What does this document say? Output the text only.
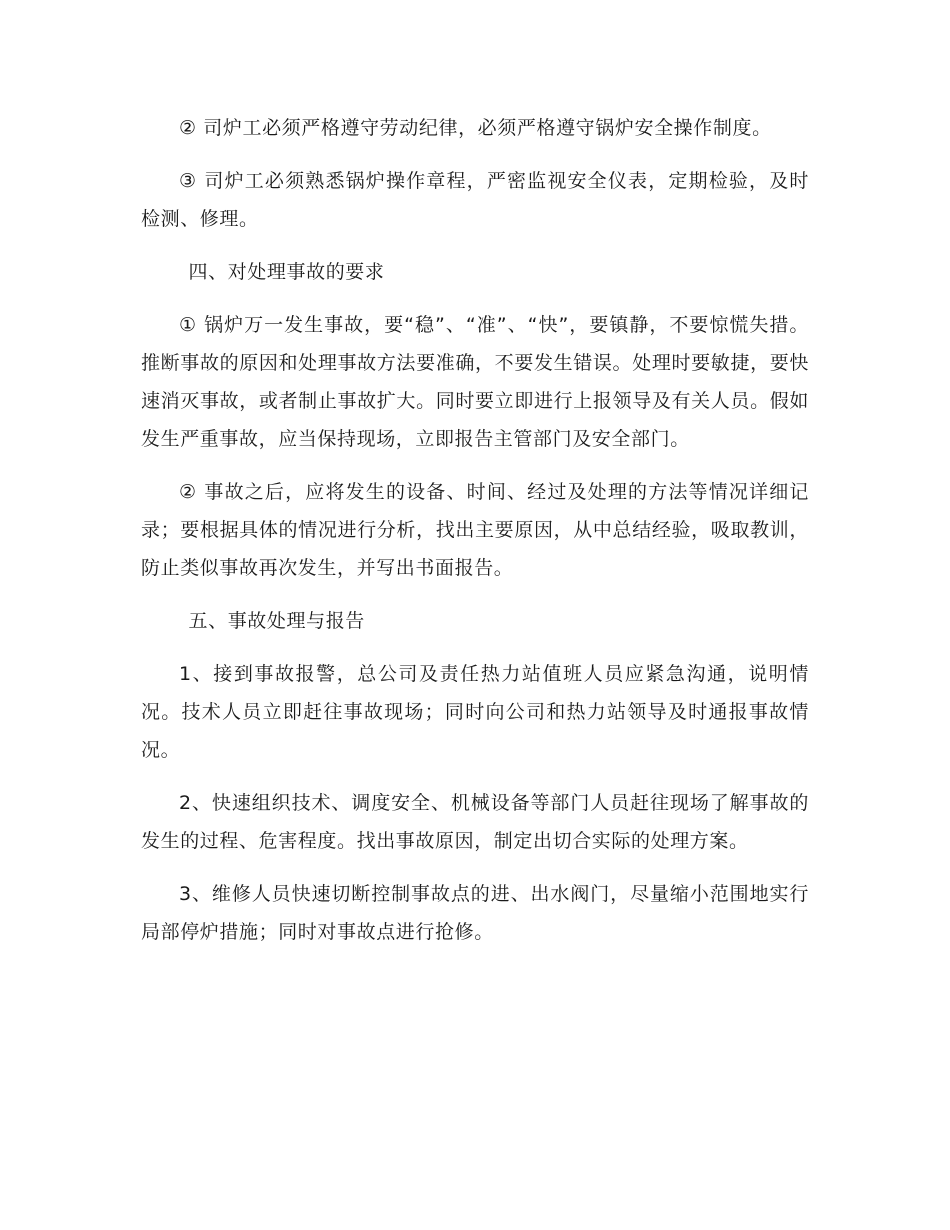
② 司炉工必须严格遵守劳动纪律，必须严格遵守锅炉安全操作制度。

③ 司炉工必须熟悉锅炉操作章程，严密监视安全仪表，定期检验，及时检测、修理。

四、对处理事故的要求

① 锅炉万一发生事故，要“稳”、“准”、“快”，要镇静，不要惊慌失措。推断事故的原因和处理事故方法要准确，不要发生错误。处理时要敏捷，要快速消灭事故，或者制止事故扩大。同时要立即进行上报领导及有关人员。假如发生严重事故，应当保持现场，立即报告主管部门及安全部门。

② 事故之后，应将发生的设备、时间、经过及处理的方法等情况详细记录；要根据具体的情况进行分析，找出主要原因，从中总结经验，吸取教训，防止类似事故再次发生，并写出书面报告。

五、事故处理与报告

1、接到事故报警，总公司及责任热力站值班人员应紧急沟通，说明情况。技术人员立即赶往事故现场；同时向公司和热力站领导及时通报事故情况。

2、快速组织技术、调度安全、机械设备等部门人员赶往现场了解事故的发生的过程、危害程度。找出事故原因，制定出切合实际的处理方案。

3、维修人员快速切断控制事故点的进、出水阀门，尽量缩小范围地实行局部停炉措施；同时对事故点进行抢修。
